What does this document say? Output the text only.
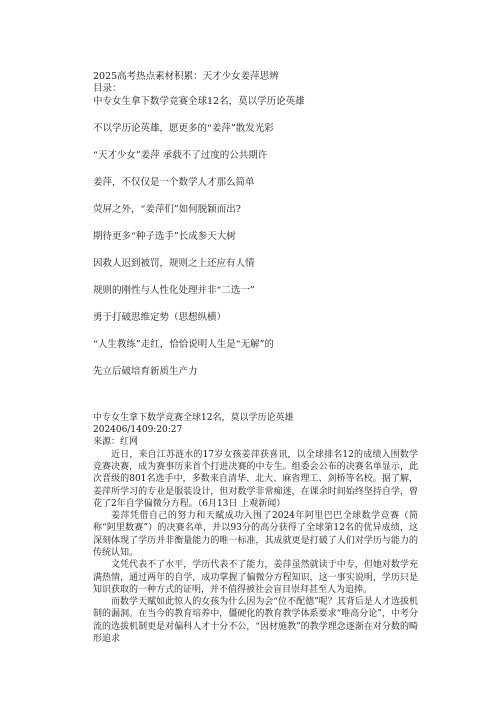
2025高考热点素材积累：天才少女姜萍思辨
目录：
中专女生拿下数学竞赛全球12名，莫以学历论英雄
不以学历论英雄，愿更多的“姜萍”散发光彩
“天才少女”姜萍 承载不了过度的公共期许
姜萍，不仅仅是一个数学人才那么简单
荧屏之外，“姜萍们”如何脱颖而出?
期待更多“种子选手”长成参天大树
因救人迟到被罚，规则之上还应有人情
规则的刚性与人性化处理并非“二选一”
勇于打破思维定势（思想纵横）
“人生教练”走红，恰恰说明人生是“无解”的
先立后破培育新质生产力
中专女生拿下数学竞赛全球12名，莫以学历论英雄
202406/1409:20:27
来源：红网

近日，来自江苏涟水的17岁女孩姜萍获喜讯，以全球排名12的成绩入围数学竞赛决赛，成为赛事历来首个打进决赛的中专生。组委会公布的决赛名单显示，此次晋级的801名选手中，多数来自清华、北大、麻省理工、剑桥等名校。据了解，姜萍所学习的专业是服装设计，但对数学非常痴迷，在课余时间始终坚持自学，曾花了2年自学偏微分方程。（6月13日 上观新闻）

姜萍凭借自己的努力和天赋成功入围了2024年阿里巴巴全球数学竞赛（简称“阿里数赛”）的决赛名单，并以93分的高分获得了全球第12名的优异成绩，这深刻体现了学历并非衡量能力的唯一标准，其成就更是打破了人们对学历与能力的传统认知。

文凭代表不了水平，学历代表不了能力，姜萍虽然就读于中专，但她对数学充满热情，通过两年的自学，成功掌握了偏微分方程知识，这一事实说明，学历只是知识获取的一种方式的证明，并不值得被社会盲目崇拜甚至人为追捧。

而数学天赋如此惊人的女孩为什么因为会“位不配德”呢？其背后是人才选拔机制的漏洞。在当今的教育培养中，僵硬化的教育教学体系要求“唯高分论”，中考分流的选拔机制更是对偏科人才十分不公，“因材施教”的教学理念逐渐在对分数的畸形追求
